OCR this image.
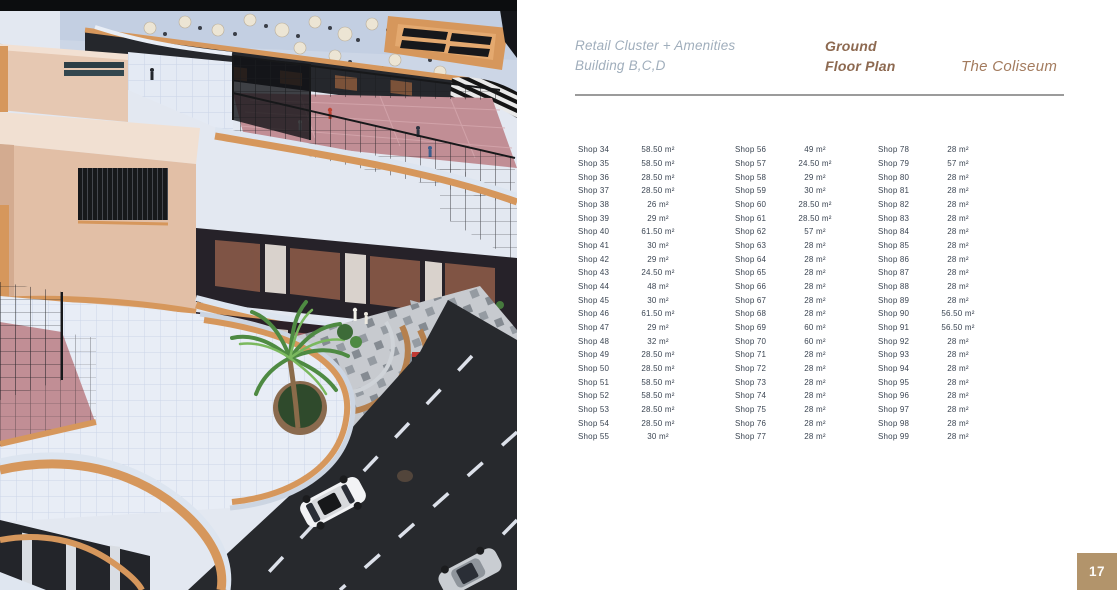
Retail Cluster + Amenities
Building B,C,D
Ground
Floor Plan	The Coliseum
Shop 34	58.50 m²
Shop 35	58.50 m²
Shop 36	28.50 m²
Shop 37	28.50 m²
Shop 38	26 m²
Shop 39	29 m²
Shop 40	61.50 m²
Shop 41	30 m²
Shop 42	29 m²
Shop 43	24.50 m²
Shop 44	48 m²
Shop 45	30 m²
Shop 46	61.50 m²
Shop 47	29 m²
Shop 48	32 m²
Shop 49	28.50 m²
Shop 50	28.50 m²
Shop 51	58.50 m²
Shop 52	58.50 m²
Shop 53	28.50 m²
Shop 54	28.50 m²
Shop 55	30 m²
Shop 56	49 m²
Shop 57	24.50 m²
Shop 58	29 m²
Shop 59	30 m²
Shop 60	28.50 m²
Shop 61	28.50 m²
Shop 62	57 m²
Shop 63	28 m²
Shop 64	28 m²
Shop 65	28 m²
Shop 66	28 m²
Shop 67	28 m²
Shop 68	28 m²
Shop 69	60 m²
Shop 70	60 m²
Shop 71	28 m²
Shop 72	28 m²
Shop 73	28 m²
Shop 74	28 m²
Shop 75	28 m²
Shop 76	28 m²
Shop 77	28 m²
Shop 78	28 m²
Shop 79	57 m²
Shop 80	28 m²
Shop 81	28 m²
Shop 82	28 m²
Shop 83	28 m²
Shop 84	28 m²
Shop 85	28 m²
Shop 86	28 m²
Shop 87	28 m²
Shop 88	28 m²
Shop 89	28 m²
Shop 90	56.50 m²
Shop 91	56.50 m²
Shop 92	28 m²
Shop 93	28 m²
Shop 94	28 m²
Shop 95	28 m²
Shop 96	28 m²
Shop 97	28 m²
Shop 98	28 m²
Shop 99	28 m²
17
